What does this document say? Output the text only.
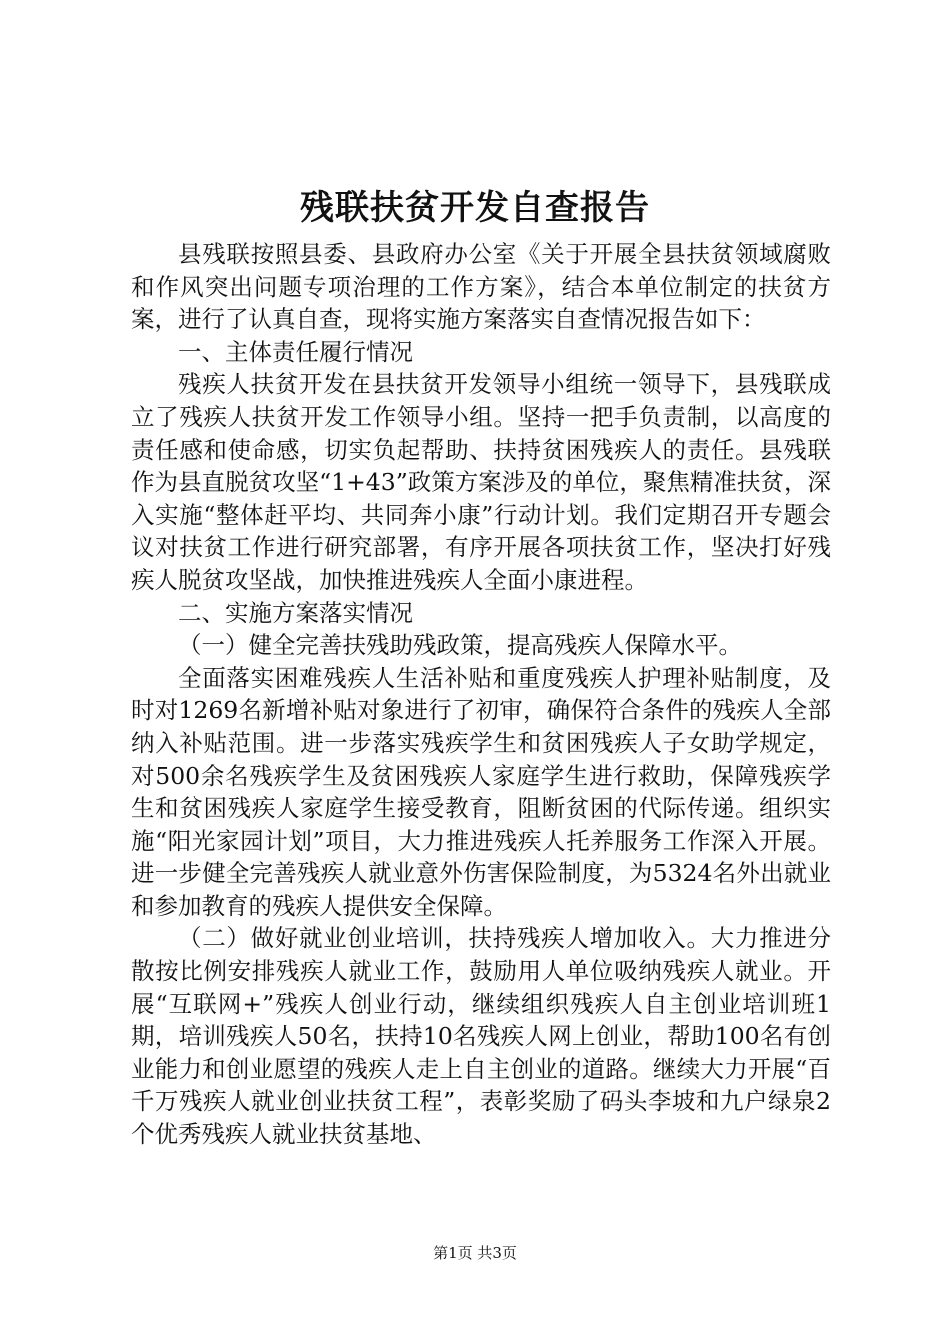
残联扶贫开发自查报告

县残联按照县委、县政府办公室《关于开展全县扶贫领域腐败和作风突出问题专项治理的工作方案》，结合本单位制定的扶贫方案，进行了认真自查，现将实施方案落实自查情况报告如下：

一、主体责任履行情况

残疾人扶贫开发在县扶贫开发领导小组统一领导下，县残联成立了残疾人扶贫开发工作领导小组。坚持一把手负责制，以高度的责任感和使命感，切实负起帮助、扶持贫困残疾人的责任。县残联作为县直脱贫攻坚“1+43”政策方案涉及的单位，聚焦精准扶贫，深入实施“整体赶平均、共同奔小康”行动计划。我们定期召开专题会议对扶贫工作进行研究部署，有序开展各项扶贫工作，坚决打好残疾人脱贫攻坚战，加快推进残疾人全面小康进程。

二、实施方案落实情况

（一）健全完善扶残助残政策，提高残疾人保障水平。

全面落实困难残疾人生活补贴和重度残疾人护理补贴制度，及时对1269名新增补贴对象进行了初审，确保符合条件的残疾人全部纳入补贴范围。进一步落实残疾学生和贫困残疾人子女助学规定，对500余名残疾学生及贫困残疾人家庭学生进行救助，保障残疾学生和贫困残疾人家庭学生接受教育，阻断贫困的代际传递。组织实施“阳光家园计划”项目，大力推进残疾人托养服务工作深入开展。进一步健全完善残疾人就业意外伤害保险制度，为5324名外出就业和参加教育的残疾人提供安全保障。

（二）做好就业创业培训，扶持残疾人增加收入。大力推进分散按比例安排残疾人就业工作，鼓励用人单位吸纳残疾人就业。开展“互联网+”残疾人创业行动，继续组织残疾人自主创业培训班1期，培训残疾人50名，扶持10名残疾人网上创业，帮助100名有创业能力和创业愿望的残疾人走上自主创业的道路。继续大力开展“百千万残疾人就业创业扶贫工程”，表彰奖励了码头李坡和九户绿泉2个优秀残疾人就业扶贫基地、

第1页 共3页
